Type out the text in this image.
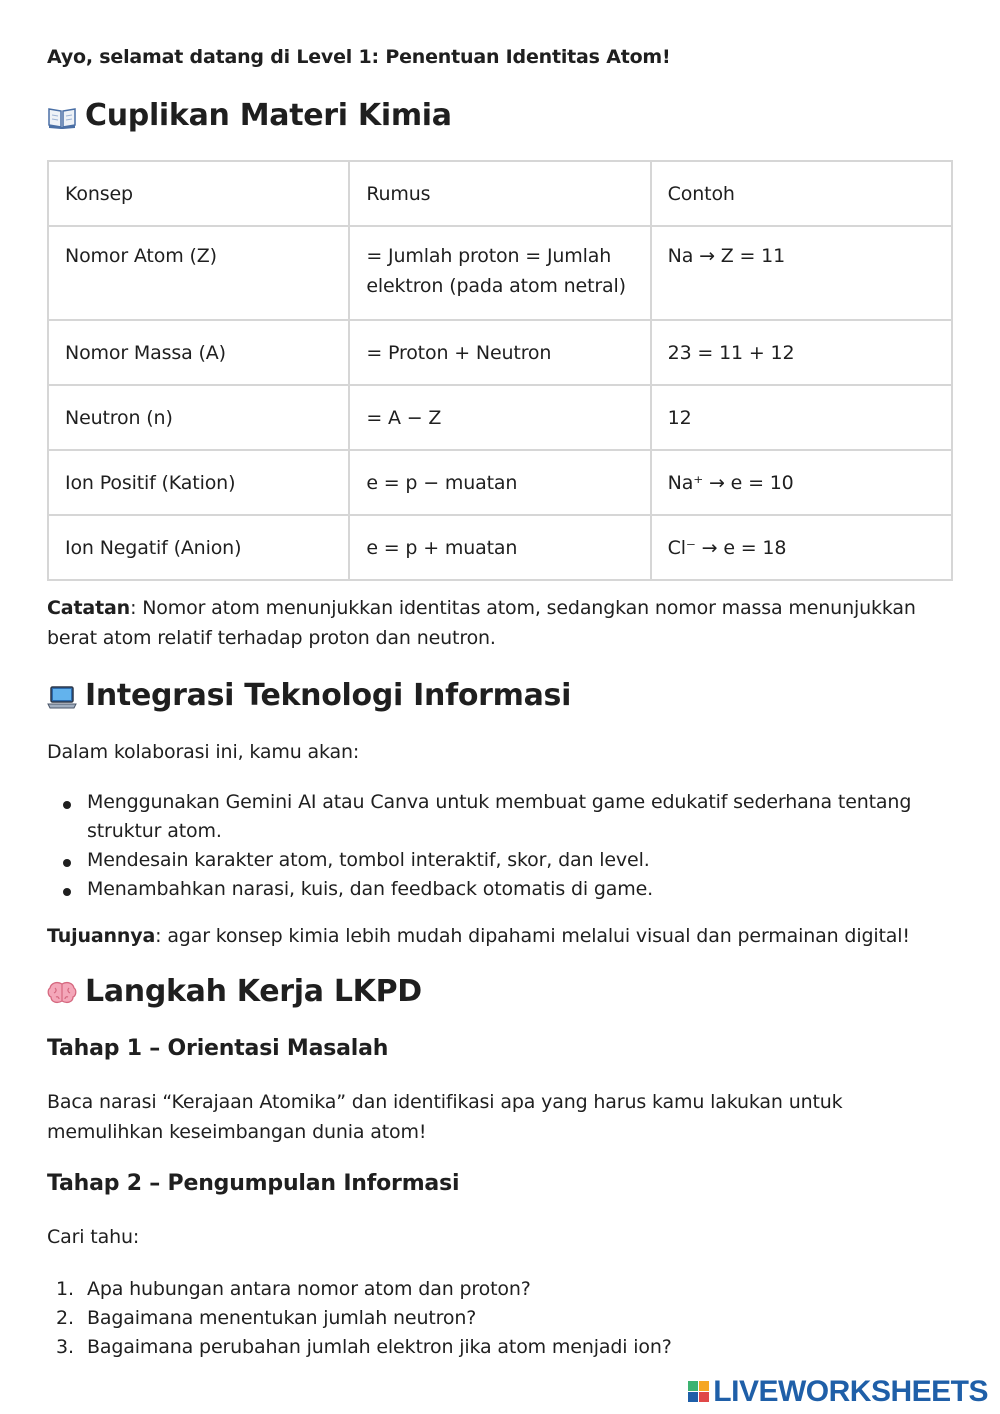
Ayo, selamat datang di Level 1: Penentuan Identitas Atom!
Cuplikan Materi Kimia
Konsep	Rumus	Contoh
Nomor Atom (Z)	= Jumlah proton = Jumlah elektron (pada atom netral)	Na → Z = 11
Nomor Massa (A)	= Proton + Neutron	23 = 11 + 12
Neutron (n)	= A − Z	12
Ion Positif (Kation)	e = p − muatan	Na⁺ → e = 10
Ion Negatif (Anion)	e = p + muatan	Cl⁻ → e = 18

Catatan: Nomor atom menunjukkan identitas atom, sedangkan nomor massa menunjukkan berat atom relatif terhadap proton dan neutron.

Integrasi Teknologi Informasi

Dalam kolaborasi ini, kamu akan:

Menggunakan Gemini AI atau Canva untuk membuat game edukatif sederhana tentang struktur atom.
Mendesain karakter atom, tombol interaktif, skor, dan level.
Menambahkan narasi, kuis, dan feedback otomatis di game.

Tujuannya: agar konsep kimia lebih mudah dipahami melalui visual dan permainan digital!

Langkah Kerja LKPD
Tahap 1 – Orientasi Masalah

Baca narasi “Kerajaan Atomika” dan identifikasi apa yang harus kamu lakukan untuk memulihkan keseimbangan dunia atom!

Tahap 2 – Pengumpulan Informasi

Cari tahu:

1. Apa hubungan antara nomor atom dan proton?
2. Bagaimana menentukan jumlah neutron?
3. Bagaimana perubahan jumlah elektron jika atom menjadi ion?
LIVEWORKSHEETS
